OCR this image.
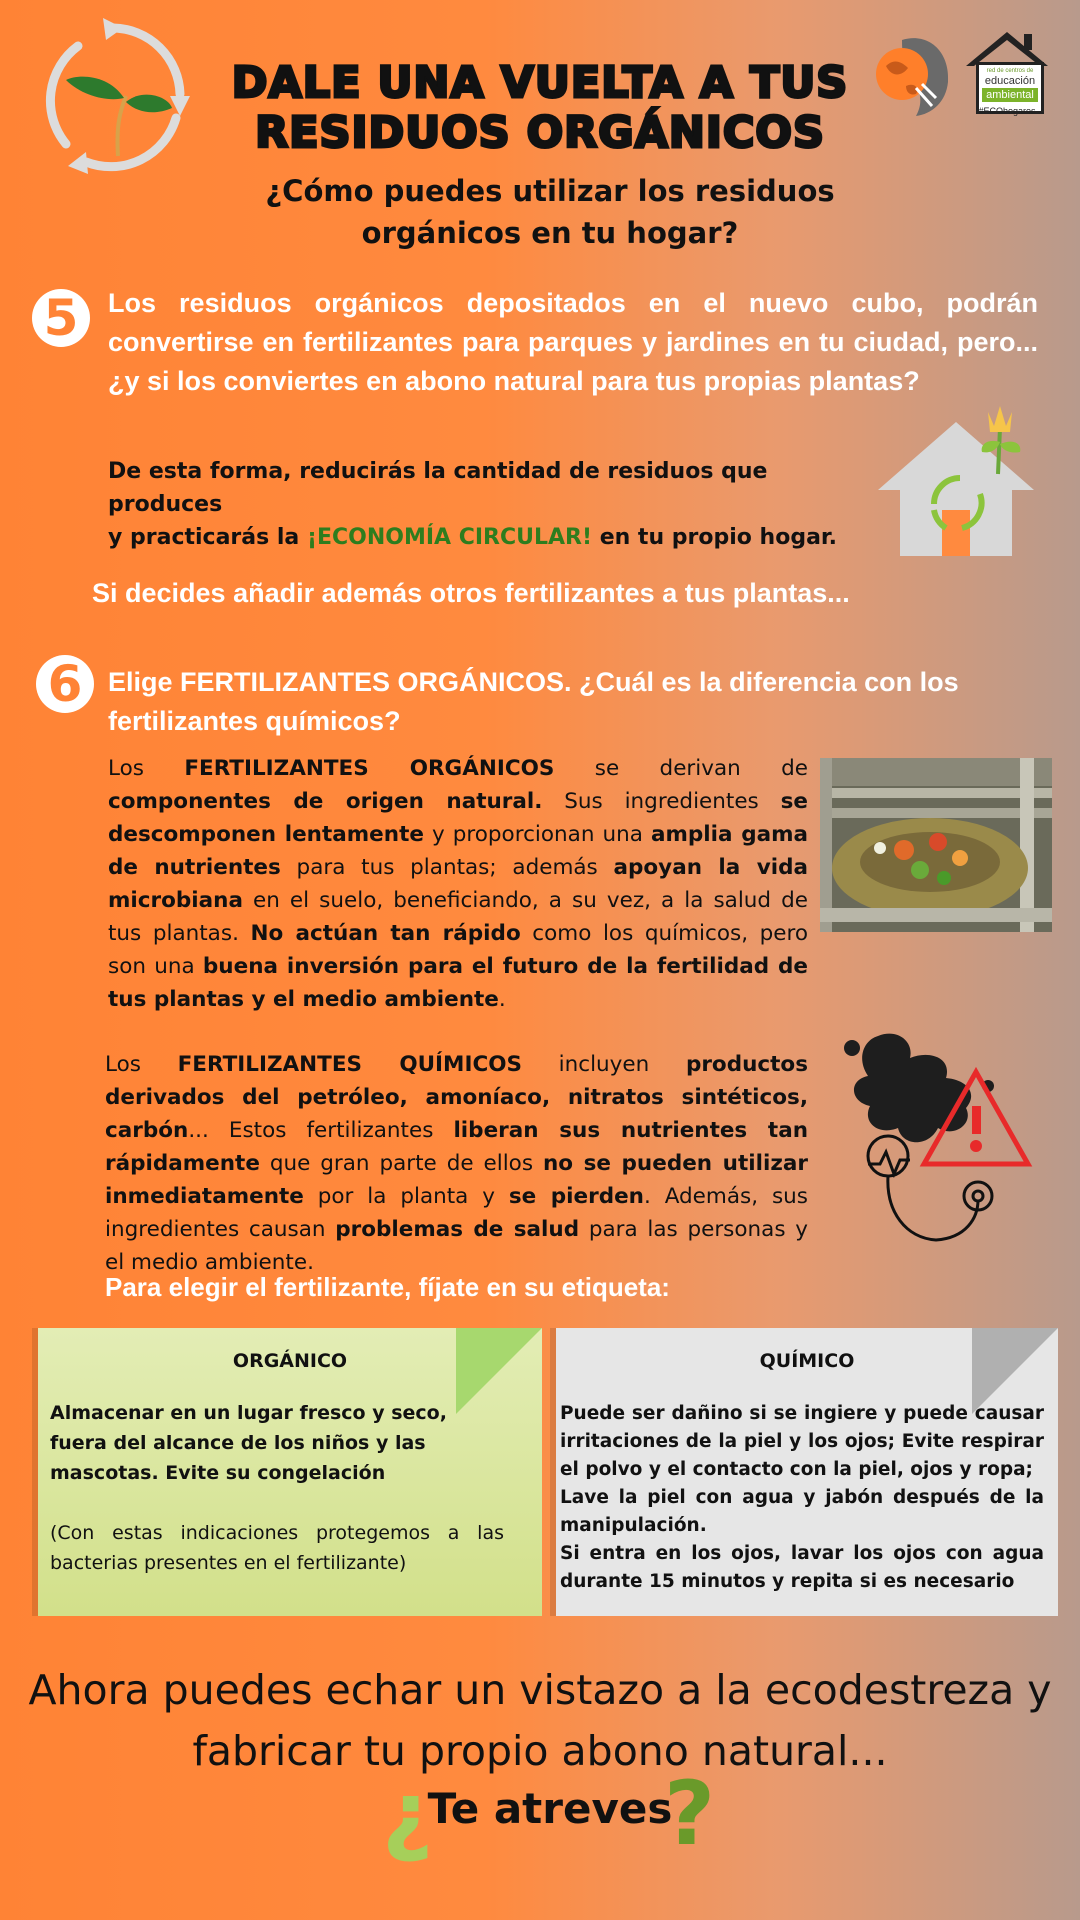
DALE UNA VUELTA A TUS
RESIDUOS ORGÁNICOS
red de centros de
educación
ambiental
#ECOhogares
¿Cómo puedes utilizar los residuos
orgánicos en tu hogar?
5	Los residuos orgánicos depositados en el nuevo cubo, podrán convertirse en fertilizantes para parques y jardines en tu ciudad, pero... ¿y si los conviertes en abono natural para tus propias plantas?
De esta forma, reducirás la cantidad de residuos que produces
y practicarás la ¡ECONOMÍA CIRCULAR! en tu propio hogar.
Si decides añadir además otros fertilizantes a tus plantas...
6 Elige FERTILIZANTES ORGÁNICOS. ¿Cuál es la diferencia con los fertilizantes químicos?
Los FERTILIZANTES ORGÁNICOS se derivan de componentes de origen natural. Sus ingredientes se descomponen lentamente y proporcionan una amplia gama de nutrientes para tus plantas; además apoyan la vida microbiana en el suelo, beneficiando, a su vez, a la salud de tus plantas. No actúan tan rápido como los químicos, pero son una buena inversión para el futuro de la fertilidad de tus plantas y el medio ambiente.
Los FERTILIZANTES QUÍMICOS incluyen productos derivados del petróleo, amoníaco, nitratos sintéticos, carbón... Estos fertilizantes liberan sus nutrientes tan rápidamente que gran parte de ellos no se pueden utilizar inmediatamente por la planta y se pierden. Además, sus ingredientes causan problemas de salud para las personas y el medio ambiente.
Para elegir el fertilizante, fíjate en su etiqueta:
ORGÁNICO
Almacenar en un lugar fresco y seco, fuera del alcance de los niños y las mascotas. Evite su congelación
(Con estas indicaciones protegemos a las bacterias presentes en el fertilizante)
QUÍMICO
Puede ser dañino si se ingiere y puede causar irritaciones de la piel y los ojos; Evite respirar el polvo y el contacto con la piel, ojos y ropa;
Lave la piel con agua y jabón después de la manipulación.
Si entra en los ojos, lavar los ojos con agua durante 15 minutos y repita si es necesario
Ahora puedes echar un vistazo a la ecodestreza y fabricar tu propio abono natural...
¿
Te atreves
?
